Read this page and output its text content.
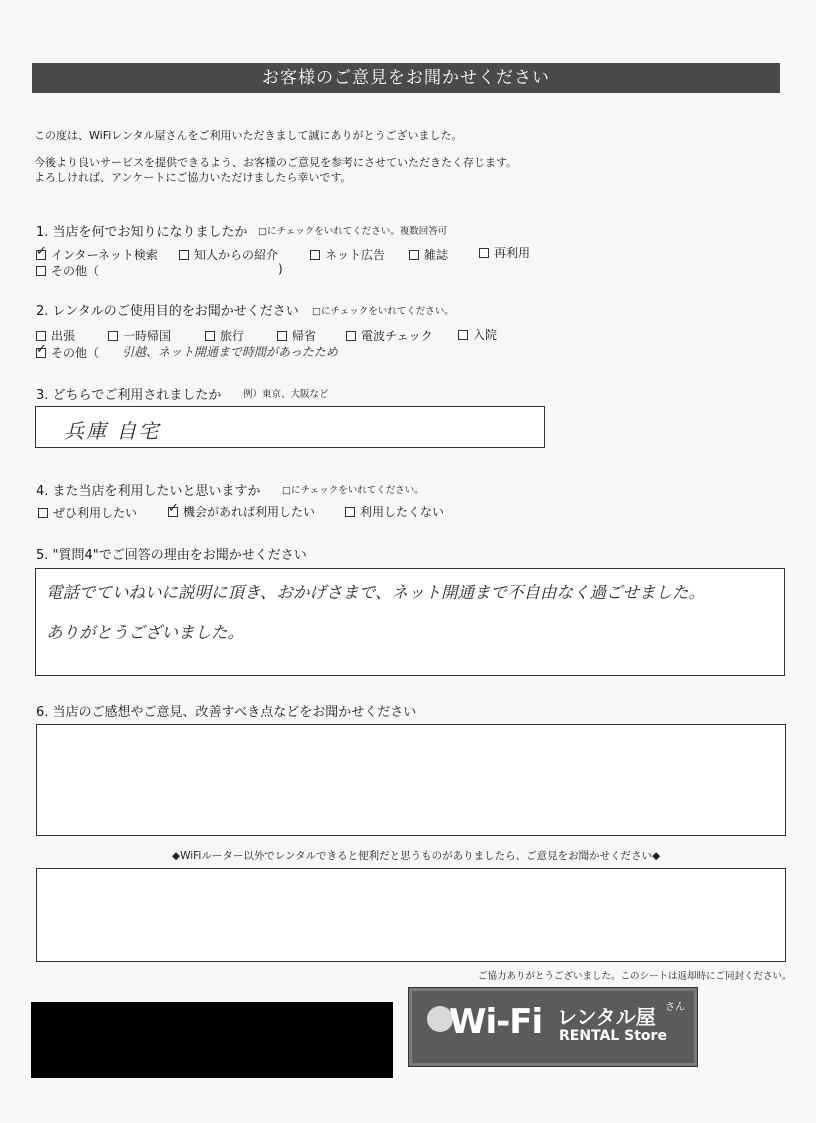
お客様のご意見をお聞かせください
この度は、WiFiレンタル屋さんをご利用いただきまして誠にありがとうございました。
今後より良いサービスを提供できるよう、お客様のご意見を参考にさせていただきたく存じます。
よろしければ、アンケートにご協力いただけましたら幸いです。
1. 当店を何でお知りになりましたか □にチェックをいれてください。複数回答可
✓
インターネット検索	知人からの紹介	ネット広告	雑誌	再利用
その他（	)
2. レンタルのご使用目的をお聞かせください □にチェックをいれてください。
出張	一時帰国	旅行	帰省	電波チェック	入院
✓
その他（ 引越、ネット開通まで時間があったため
3. どちらでご利用されましたか 例）東京、大阪など
兵庫 自宅
4. また当店を利用したいと思いますか □にチェックをいれてください。
ぜひ利用したい
✓	機会があれば利用したい	利用したくない
5. "質問4"でご回答の理由をお聞かせください
電話でていねいに説明に頂き、おかげさまで、ネット開通まで不自由なく過ごせました。
ありがとうございました。
6. 当店のご感想やご意見、改善すべき点などをお聞かせください
◆WiFiルーター以外でレンタルできると便利だと思うものがありましたら、ご意見をお聞かせください◆
ご協力ありがとうございました。このシートは返却時にご同封ください。
Wi-Fi レンタル屋 さん
RENTAL Store
